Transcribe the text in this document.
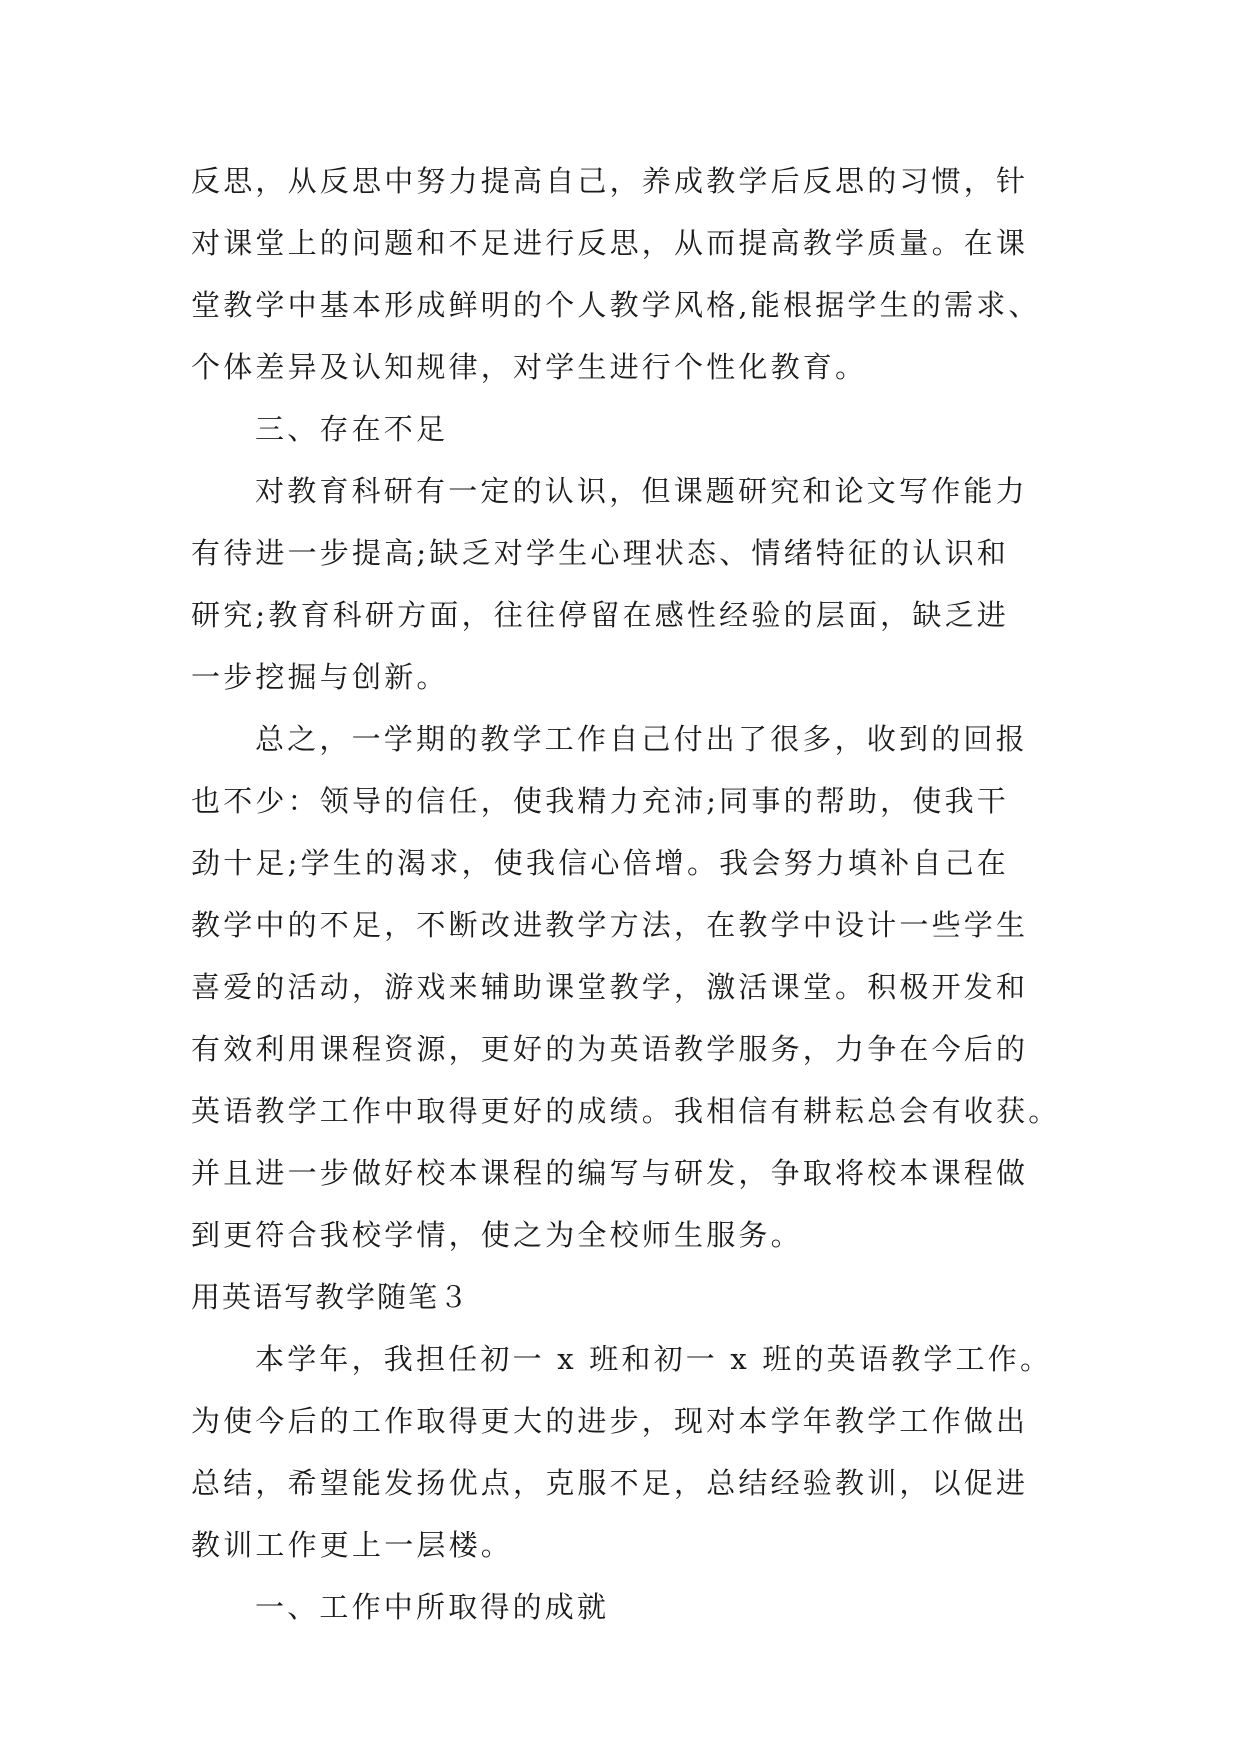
反思，从反思中努力提高自己，养成教学后反思的习惯，针
对课堂上的问题和不足进行反思，从而提高教学质量。在课
堂教学中基本形成鲜明的个人教学风格,能根据学生的需求、
个体差异及认知规律，对学生进行个性化教育。
三、存在不足
对教育科研有一定的认识，但课题研究和论文写作能力
有待进一步提高;缺乏对学生心理状态、情绪特征的认识和
研究;教育科研方面，往往停留在感性经验的层面，缺乏进
一步挖掘与创新。
总之，一学期的教学工作自己付出了很多，收到的回报
也不少：领导的信任，使我精力充沛;同事的帮助，使我干
劲十足;学生的渴求，使我信心倍增。我会努力填补自己在
教学中的不足，不断改进教学方法，在教学中设计一些学生
喜爱的活动，游戏来辅助课堂教学，激活课堂。积极开发和
有效利用课程资源，更好的为英语教学服务，力争在今后的
英语教学工作中取得更好的成绩。我相信有耕耘总会有收获。
并且进一步做好校本课程的编写与研发，争取将校本课程做
到更符合我校学情，使之为全校师生服务。
用英语写教学随笔３
本学年，我担任初一 x 班和初一 x 班的英语教学工作。
为使今后的工作取得更大的进步，现对本学年教学工作做出
总结，希望能发扬优点，克服不足，总结经验教训，以促进
教训工作更上一层楼。
一、工作中所取得的成就
